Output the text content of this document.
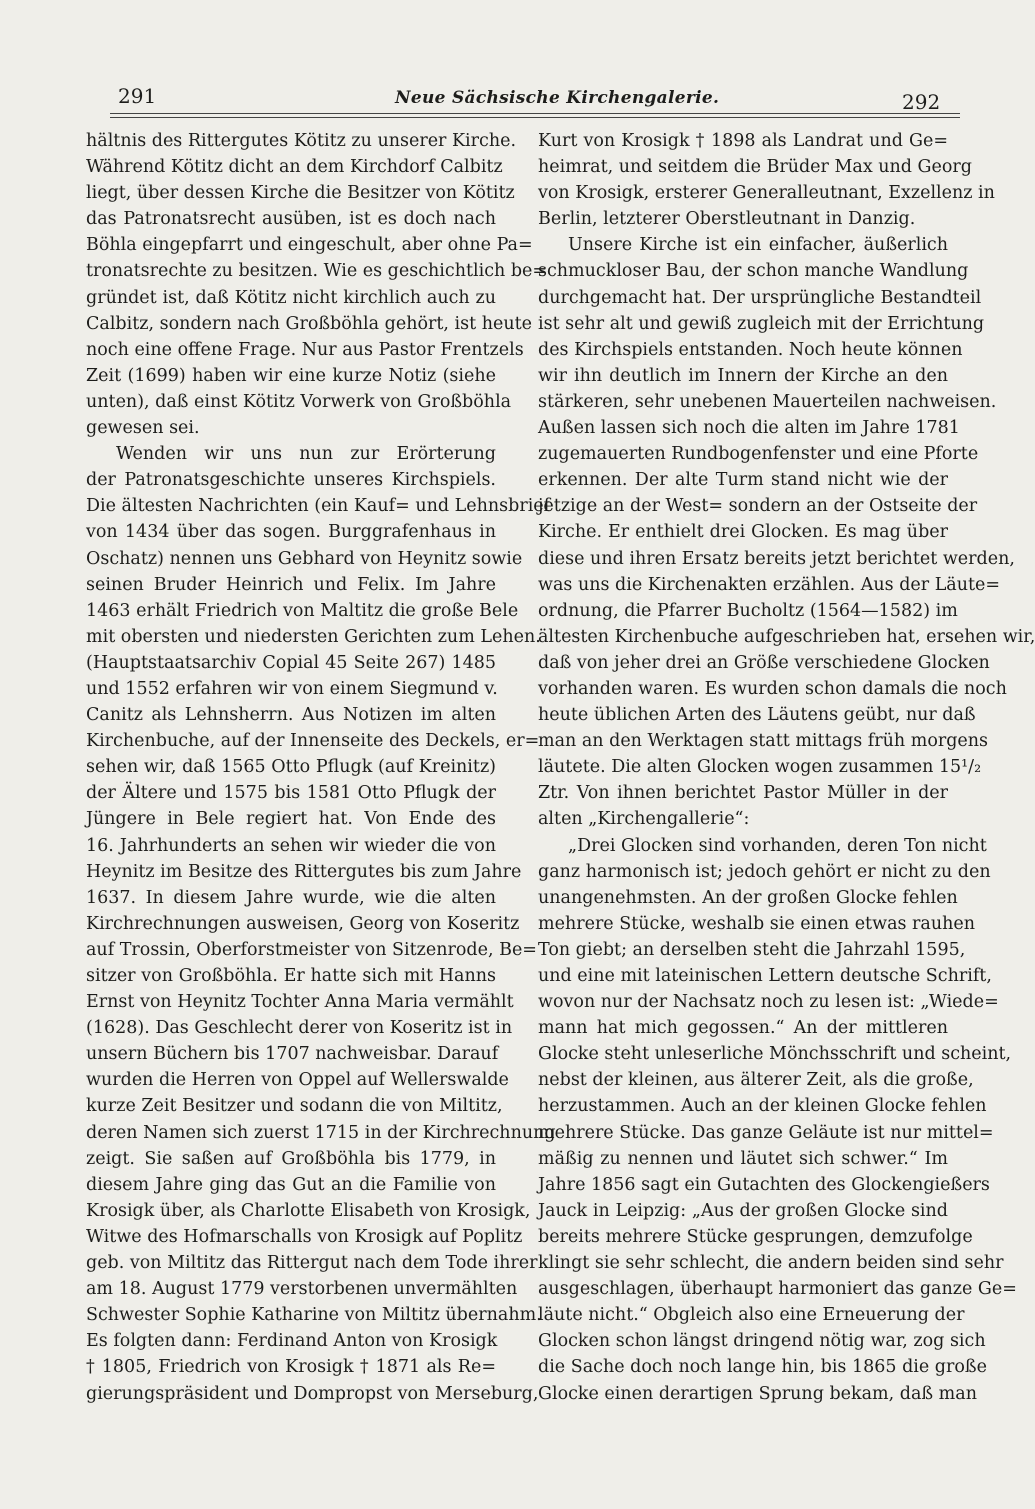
291	Neue Sächsische Kirchengalerie.	292
hältnis des Rittergutes Kötitz zu unserer Kirche.
Während Kötitz dicht an dem Kirchdorf Calbitz
liegt, über dessen Kirche die Besitzer von Kötitz
das Patronatsrecht ausüben, ist es doch nach
Böhla eingepfarrt und eingeschult, aber ohne Pa=
tronatsrechte zu besitzen. Wie es geschichtlich be=
gründet ist, daß Kötitz nicht kirchlich auch zu
Calbitz, sondern nach Großböhla gehört, ist heute
noch eine offene Frage. Nur aus Pastor Frentzels
Zeit (1699) haben wir eine kurze Notiz (siehe
unten), daß einst Kötitz Vorwerk von Großböhla
gewesen sei.
Wenden wir uns nun zur Erörterung
der Patronatsgeschichte unseres Kirchspiels.
Die ältesten Nachrichten (ein Kauf= und Lehnsbrief
von 1434 über das sogen. Burggrafenhaus in
Oschatz) nennen uns Gebhard von Heynitz sowie
seinen Bruder Heinrich und Felix. Im Jahre
1463 erhält Friedrich von Maltitz die große Bele
mit obersten und niedersten Gerichten zum Lehen.
(Hauptstaatsarchiv Copial 45 Seite 267) 1485
und 1552 erfahren wir von einem Siegmund v.
Canitz als Lehnsherrn. Aus Notizen im alten
Kirchenbuche, auf der Innenseite des Deckels, er=
sehen wir, daß 1565 Otto Pflugk (auf Kreinitz)
der Ältere und 1575 bis 1581 Otto Pflugk der
Jüngere in Bele regiert hat. Von Ende des
16. Jahrhunderts an sehen wir wieder die von
Heynitz im Besitze des Rittergutes bis zum Jahre
1637. In diesem Jahre wurde, wie die alten
Kirchrechnungen ausweisen, Georg von Koseritz
auf Trossin, Oberforstmeister von Sitzenrode, Be=
sitzer von Großböhla. Er hatte sich mit Hanns
Ernst von Heynitz Tochter Anna Maria vermählt
(1628). Das Geschlecht derer von Koseritz ist in
unsern Büchern bis 1707 nachweisbar. Darauf
wurden die Herren von Oppel auf Wellerswalde
kurze Zeit Besitzer und sodann die von Miltitz,
deren Namen sich zuerst 1715 in der Kirchrechnung
zeigt. Sie saßen auf Großböhla bis 1779, in
diesem Jahre ging das Gut an die Familie von
Krosigk über, als Charlotte Elisabeth von Krosigk,
Witwe des Hofmarschalls von Krosigk auf Poplitz
geb. von Miltitz das Rittergut nach dem Tode ihrer
am 18. August 1779 verstorbenen unvermählten
Schwester Sophie Katharine von Miltitz übernahm.
Es folgten dann: Ferdinand Anton von Krosigk
† 1805, Friedrich von Krosigk † 1871 als Re=
gierungspräsident und Dompropst von Merseburg,
Kurt von Krosigk † 1898 als Landrat und Ge=
heimrat, und seitdem die Brüder Max und Georg
von Krosigk, ersterer Generalleutnant, Exzellenz in
Berlin, letzterer Oberstleutnant in Danzig.
Unsere Kirche ist ein einfacher, äußerlich
schmuckloser Bau, der schon manche Wandlung
durchgemacht hat. Der ursprüngliche Bestandteil
ist sehr alt und gewiß zugleich mit der Errichtung
des Kirchspiels entstanden. Noch heute können
wir ihn deutlich im Innern der Kirche an den
stärkeren, sehr unebenen Mauerteilen nachweisen.
Außen lassen sich noch die alten im Jahre 1781
zugemauerten Rundbogenfenster und eine Pforte
erkennen. Der alte Turm stand nicht wie der
jetzige an der West= sondern an der Ostseite der
Kirche. Er enthielt drei Glocken. Es mag über
diese und ihren Ersatz bereits jetzt berichtet werden,
was uns die Kirchenakten erzählen. Aus der Läute=
ordnung, die Pfarrer Bucholtz (1564—1582) im
ältesten Kirchenbuche aufgeschrieben hat, ersehen wir,
daß von jeher drei an Größe verschiedene Glocken
vorhanden waren. Es wurden schon damals die noch
heute üblichen Arten des Läutens geübt, nur daß
man an den Werktagen statt mittags früh morgens
läutete. Die alten Glocken wogen zusammen 15¹/₂
Ztr. Von ihnen berichtet Pastor Müller in der
alten „Kirchengallerie“:
„Drei Glocken sind vorhanden, deren Ton nicht
ganz harmonisch ist; jedoch gehört er nicht zu den
unangenehmsten. An der großen Glocke fehlen
mehrere Stücke, weshalb sie einen etwas rauhen
Ton giebt; an derselben steht die Jahrzahl 1595,
und eine mit lateinischen Lettern deutsche Schrift,
wovon nur der Nachsatz noch zu lesen ist: „Wiede=
mann hat mich gegossen.“ An der mittleren
Glocke steht unleserliche Mönchsschrift und scheint,
nebst der kleinen, aus älterer Zeit, als die große,
herzustammen. Auch an der kleinen Glocke fehlen
mehrere Stücke. Das ganze Geläute ist nur mittel=
mäßig zu nennen und läutet sich schwer.“ Im
Jahre 1856 sagt ein Gutachten des Glockengießers
Jauck in Leipzig: „Aus der großen Glocke sind
bereits mehrere Stücke gesprungen, demzufolge
klingt sie sehr schlecht, die andern beiden sind sehr
ausgeschlagen, überhaupt harmoniert das ganze Ge=
läute nicht.“ Obgleich also eine Erneuerung der
Glocken schon längst dringend nötig war, zog sich
die Sache doch noch lange hin, bis 1865 die große
Glocke einen derartigen Sprung bekam, daß man
